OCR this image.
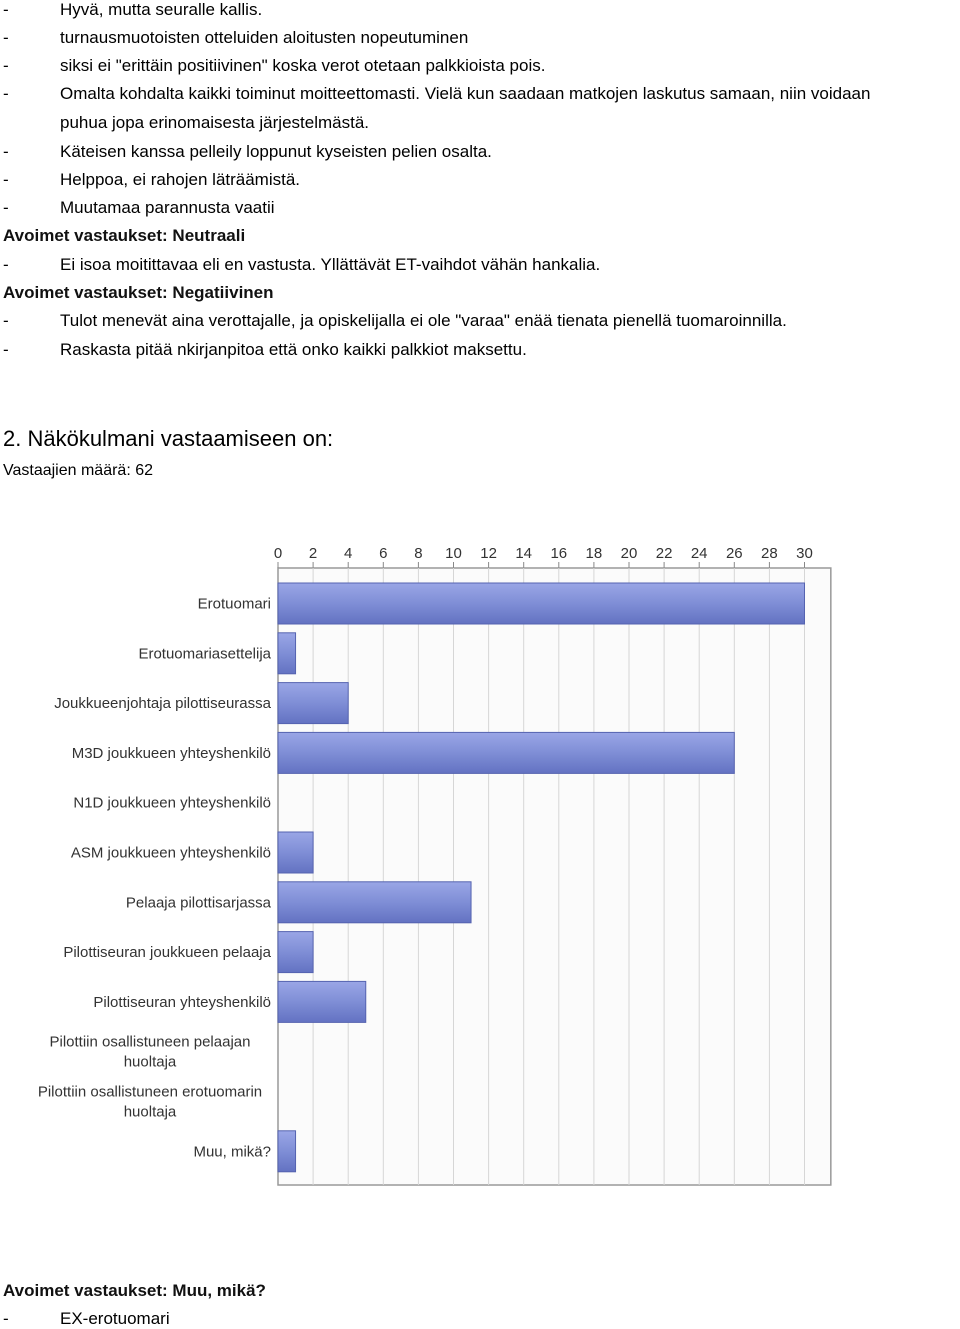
-	Hyvä, mutta seuralle kallis.
-	turnausmuotoisten otteluiden aloitusten nopeutuminen
-	siksi ei "erittäin positiivinen" koska verot otetaan palkkioista pois.
-	Omalta kohdalta kaikki toiminut moitteettomasti. Vielä kun saadaan matkojen laskutus samaan, niin voidaan
puhua jopa erinomaisesta järjestelmästä.
-	Käteisen kanssa pelleily loppunut kyseisten pelien osalta.
-	Helppoa, ei rahojen läträämistä.
-	Muutamaa parannusta vaatii
Avoimet vastaukset: Neutraali
-	Ei isoa moitittavaa eli en vastusta. Yllättävät ET-vaihdot vähän hankalia.
Avoimet vastaukset: Negatiivinen
-	Tulot menevät aina verottajalle, ja opiskelijalla ei ole "varaa" enää tienata pienellä tuomaroinnilla.
-	Raskasta pitää nkirjanpitoa että onko kaikki palkkiot maksettu.
Avoimet vastaukset: Muu, mikä?
-	EX-erotuomari
2. Näkökulmani vastaamiseen on:
Vastaajien määrä: 62
0 2 4 6 8 10 12 14 16 18 20 22 24 26 28 30
Erotuomari
Erotuomariasettelija
Joukkueenjohtaja pilottiseurassa
M3D joukkueen yhteyshenkilö
N1D joukkueen yhteyshenkilö
ASM joukkueen yhteyshenkilö
Pelaaja pilottisarjassa
Pilottiseuran joukkueen pelaaja
Pilottiseuran yhteyshenkilö
Pilottiin osallistuneen pelaajan huoltaja
Pilottiin osallistuneen erotuomarin huoltaja
Muu, mikä?
